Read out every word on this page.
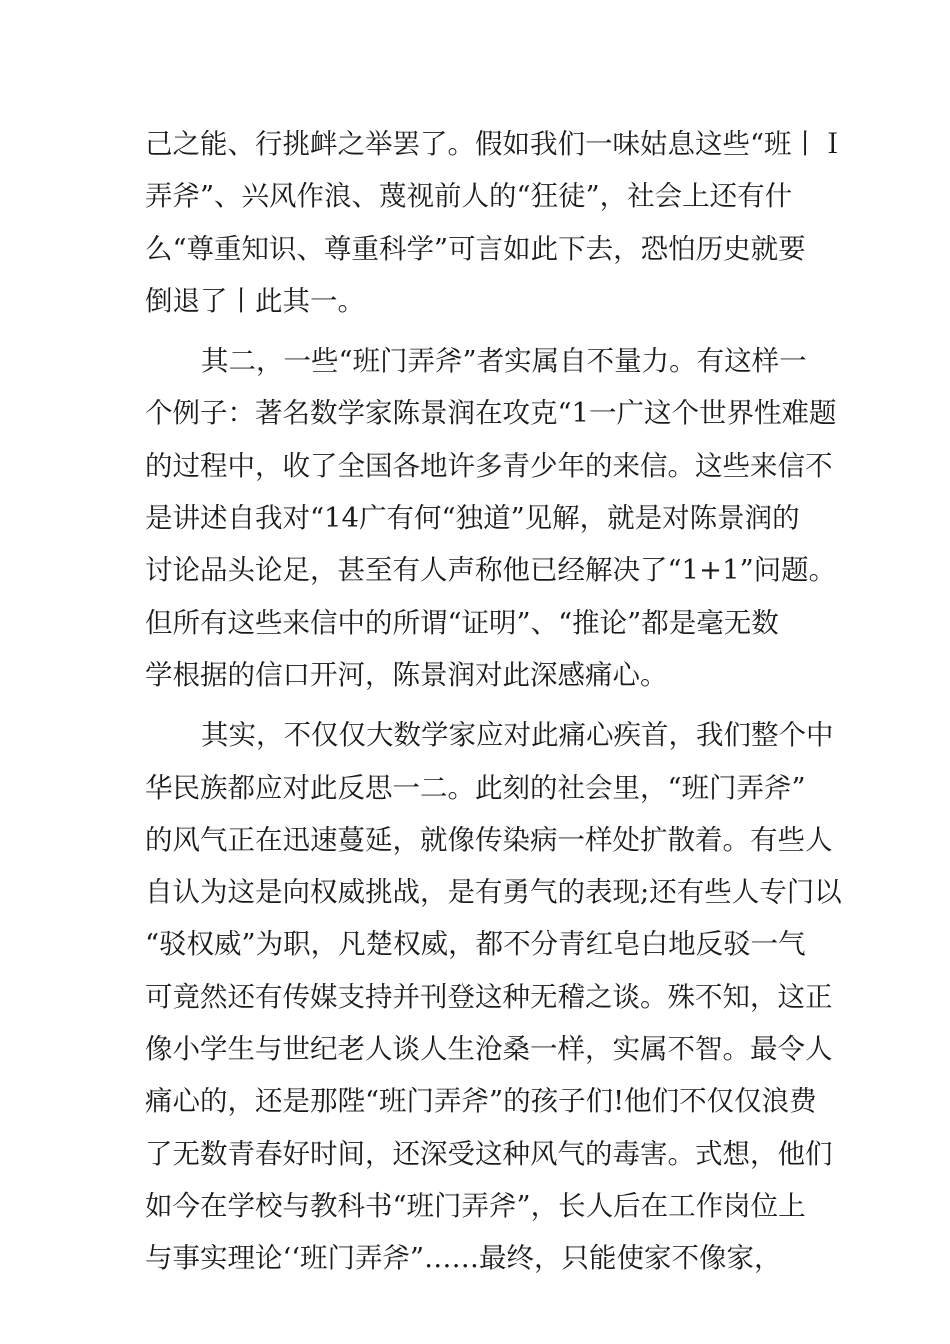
己之能、行挑衅之举罢了。假如我们一味姑息这些“班丨Ｉ
弄斧”、兴风作浪、蔑视前人的“狂徒”，社会上还有什
么“尊重知识、尊重科学”可言如此下去，恐怕历史就要
倒退了丨此其一。
其二，一些“班门弄斧”者实属自不量力。有这样一
个例子：著名数学家陈景润在攻克“1一广这个世界性难题
的过程中，收了全国各地许多青少年的来信。这些来信不
是讲述自我对“14广有何“独道”见解，就是对陈景润的
讨论品头论足，甚至有人声称他已经解决了“1+1”问题。
但所有这些来信中的所谓“证明”、“推论”都是毫无数
学根据的信口开河，陈景润对此深感痛心。
其实，不仅仅大数学家应对此痛心疾首，我们整个中
华民族都应对此反思一二。此刻的社会里，“班门弄斧”
的风气正在迅速蔓延，就像传染病一样处扩散着。有些人
自认为这是向权威挑战，是有勇气的表现;还有些人专门以
“驳权威”为职，凡楚权威，都不分青红皂白地反驳一气
可竟然还有传媒支持并刊登这种无稽之谈。殊不知，这正
像小学生与世纪老人谈人生沧桑一样，实属不智。最令人
痛心的，还是那陛“班门弄斧”的孩子们!他们不仅仅浪费
了无数青春好时间，还深受这种风气的毒害。式想，他们
如今在学校与教科书“班门弄斧”，长人后在工作岗位上
与事实理论‘‘班门弄斧”……最终，只能使家不像家，
